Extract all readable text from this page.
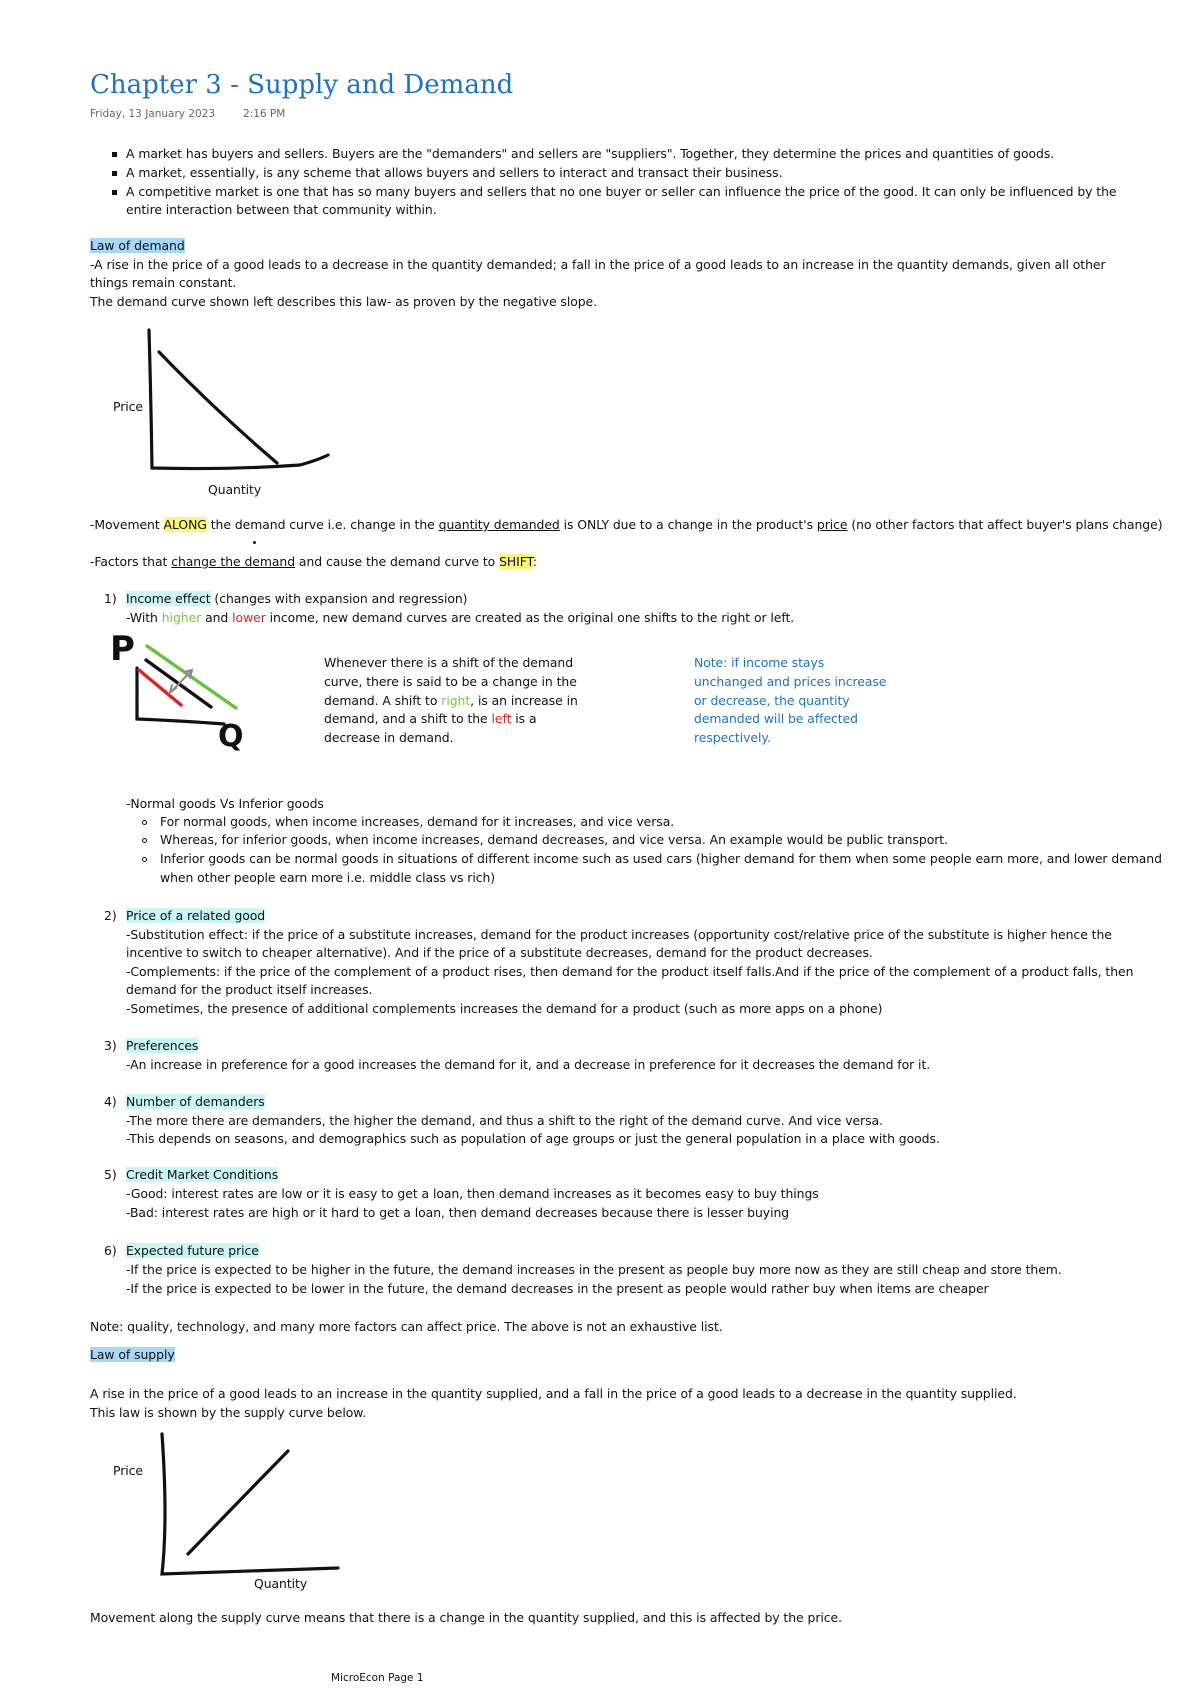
Chapter 3 - Supply and Demand
Friday, 13 January 2023	2:16 PM
A market has buyers and sellers. Buyers are the "demanders" and sellers are "suppliers". Together, they determine the prices and quantities of goods.
A market, essentially, is any scheme that allows buyers and sellers to interact and transact their business.
A competitive market is one that has so many buyers and sellers that no one buyer or seller can influence the price of the good. It can only be influenced by the
entire interaction between that community within.
Law of demand
-A rise in the price of a good leads to a decrease in the quantity demanded; a fall in the price of a good leads to an increase in the quantity demands, given all other
things remain constant.
The demand curve shown left describes this law- as proven by the negative slope.
Price
Quantity
-Movement ALONG the demand curve i.e. change in the quantity demanded is ONLY due to a change in the product's price (no other factors that affect buyer's plans change)
-Factors that change the demand and cause the demand curve to SHIFT:
1) Income effect (changes with expansion and regression)
-With higher and lower income, new demand curves are created as the original one shifts to the right or left.
P
Q
Whenever there is a shift of the demand
curve, there is said to be a change in the
demand. A shift to right, is an increase in
demand, and a shift to the left is a
decrease in demand.
Note: if income stays
unchanged and prices increase
or decrease, the quantity
demanded will be affected
respectively.
-Normal goods Vs Inferior goods
For normal goods, when income increases, demand for it increases, and vice versa.
Whereas, for inferior goods, when income increases, demand decreases, and vice versa. An example would be public transport.
Inferior goods can be normal goods in situations of different income such as used cars (higher demand for them when some people earn more, and lower demand
when other people earn more i.e. middle class vs rich)
2) Price of a related good
-Substitution effect: if the price of a substitute increases, demand for the product increases (opportunity cost/relative price of the substitute is higher hence the
incentive to switch to cheaper alternative). And if the price of a substitute decreases, demand for the product decreases.
-Complements: if the price of the complement of a product rises, then demand for the product itself falls.And if the price of the complement of a product falls, then
demand for the product itself increases.
-Sometimes, the presence of additional complements increases the demand for a product (such as more apps on a phone)
3) Preferences
-An increase in preference for a good increases the demand for it, and a decrease in preference for it decreases the demand for it.
4) Number of demanders
-The more there are demanders, the higher the demand, and thus a shift to the right of the demand curve. And vice versa.
-This depends on seasons, and demographics such as population of age groups or just the general population in a place with goods.
5) Credit Market Conditions
-Good: interest rates are low or it is easy to get a loan, then demand increases as it becomes easy to buy things
-Bad: interest rates are high or it hard to get a loan, then demand decreases because there is lesser buying
6) Expected future price
-If the price is expected to be higher in the future, the demand increases in the present as people buy more now as they are still cheap and store them.
-If the price is expected to be lower in the future, the demand decreases in the present as people would rather buy when items are cheaper
Note: quality, technology, and many more factors can affect price. The above is not an exhaustive list.
Law of supply
A rise in the price of a good leads to an increase in the quantity supplied, and a fall in the price of a good leads to a decrease in the quantity supplied.
This law is shown by the supply curve below.
Price
Quantity
Movement along the supply curve means that there is a change in the quantity supplied, and this is affected by the price.
MicroEcon Page 1
